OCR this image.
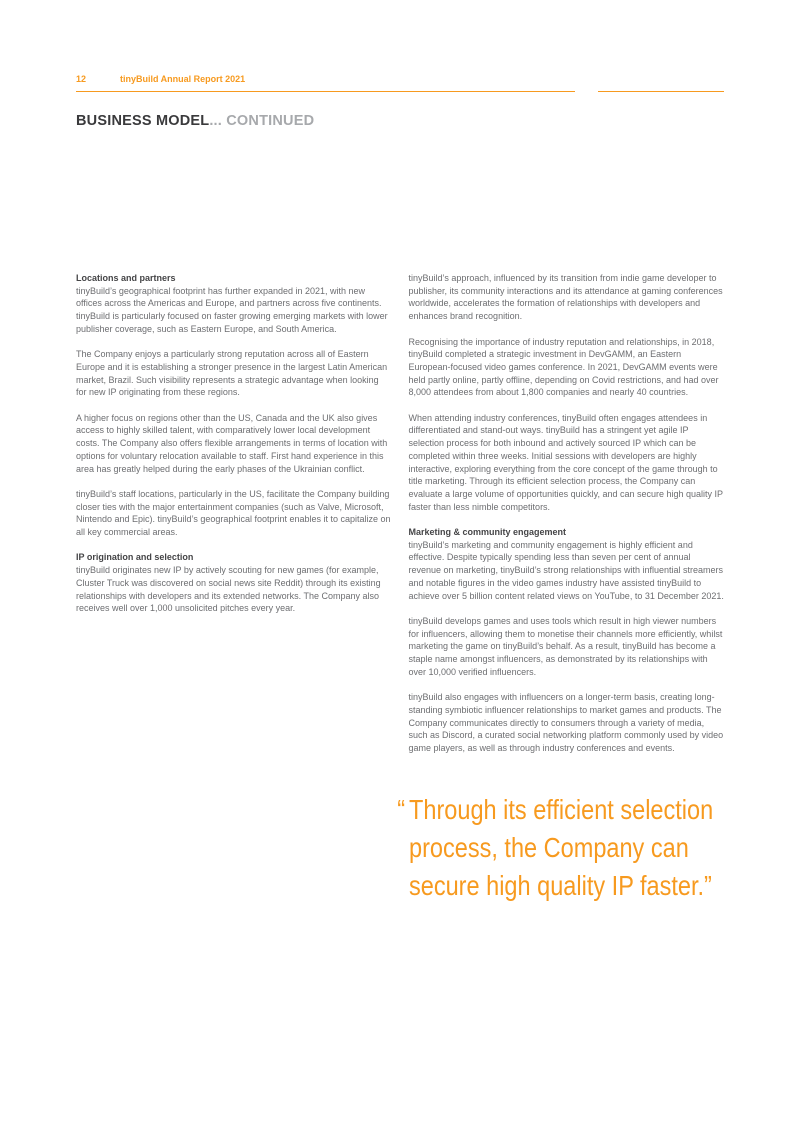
12	tinyBuild Annual Report 2021
BUSINESS MODEL... CONTINUED
Locations and partners

tinyBuild’s geographical footprint has further expanded in 2021, with new offices across the Americas and Europe, and partners across five continents. tinyBuild is particularly focused on faster growing emerging markets with lower publisher coverage, such as Eastern Europe, and South America.

The Company enjoys a particularly strong reputation across all of Eastern Europe and it is establishing a stronger presence in the largest Latin American market, Brazil. Such visibility represents a strategic advantage when looking for new IP originating from these regions.

A higher focus on regions other than the US, Canada and the UK also gives access to highly skilled talent, with comparatively lower local development costs. The Company also offers flexible arrangements in terms of location with options for voluntary relocation available to staff. First hand experience in this area has greatly helped during the early phases of the Ukrainian conflict.

tinyBuild’s staff locations, particularly in the US, facilitate the Company building closer ties with the major entertainment companies (such as Valve, Microsoft, Nintendo and Epic). tinyBuild’s geographical footprint enables it to capitalize on all key commercial areas.

IP origination and selection

tinyBuild originates new IP by actively scouting for new games (for example, Cluster Truck was discovered on social news site Reddit) through its existing relationships with developers and its extended networks. The Company also receives well over 1,000 unsolicited pitches every year.

tinyBuild’s approach, influenced by its transition from indie game developer to publisher, its community interactions and its attendance at gaming conferences worldwide, accelerates the formation of relationships with developers and enhances brand recognition.

Recognising the importance of industry reputation and relationships, in 2018, tinyBuild completed a strategic investment in DevGAMM, an Eastern European-focused video games conference. In 2021, DevGAMM events were held partly online, partly offline, depending on Covid restrictions, and had over 8,000 attendees from about 1,800 companies and nearly 40 countries.

When attending industry conferences, tinyBuild often engages attendees in differentiated and stand-out ways. tinyBuild has a stringent yet agile IP selection process for both inbound and actively sourced IP which can be completed within three weeks. Initial sessions with developers are highly interactive, exploring everything from the core concept of the game through to title marketing. Through its efficient selection process, the Company can evaluate a large volume of opportunities quickly, and can secure high quality IP faster than less nimble competitors.

Marketing & community engagement

tinyBuild’s marketing and community engagement is highly efficient and effective. Despite typically spending less than seven per cent of annual revenue on marketing, tinyBuild’s strong relationships with influential streamers and notable figures in the video games industry have assisted tinyBuild to achieve over 5 billion content related views on YouTube, to 31 December 2021.

tinyBuild develops games and uses tools which result in high viewer numbers for influencers, allowing them to monetise their channels more efficiently, whilst marketing the game on tinyBuild’s behalf. As a result, tinyBuild has become a staple name amongst influencers, as demonstrated by its relationships with over 10,000 verified influencers.

tinyBuild also engages with influencers on a longer-term basis, creating long-standing symbiotic influencer relationships to market games and products. The Company communicates directly to consumers through a variety of media, such as Discord, a curated social networking platform commonly used by video game players, as well as through industry conferences and events.

“ Through its efficient selection
process, the Company can
secure high quality IP faster.”
